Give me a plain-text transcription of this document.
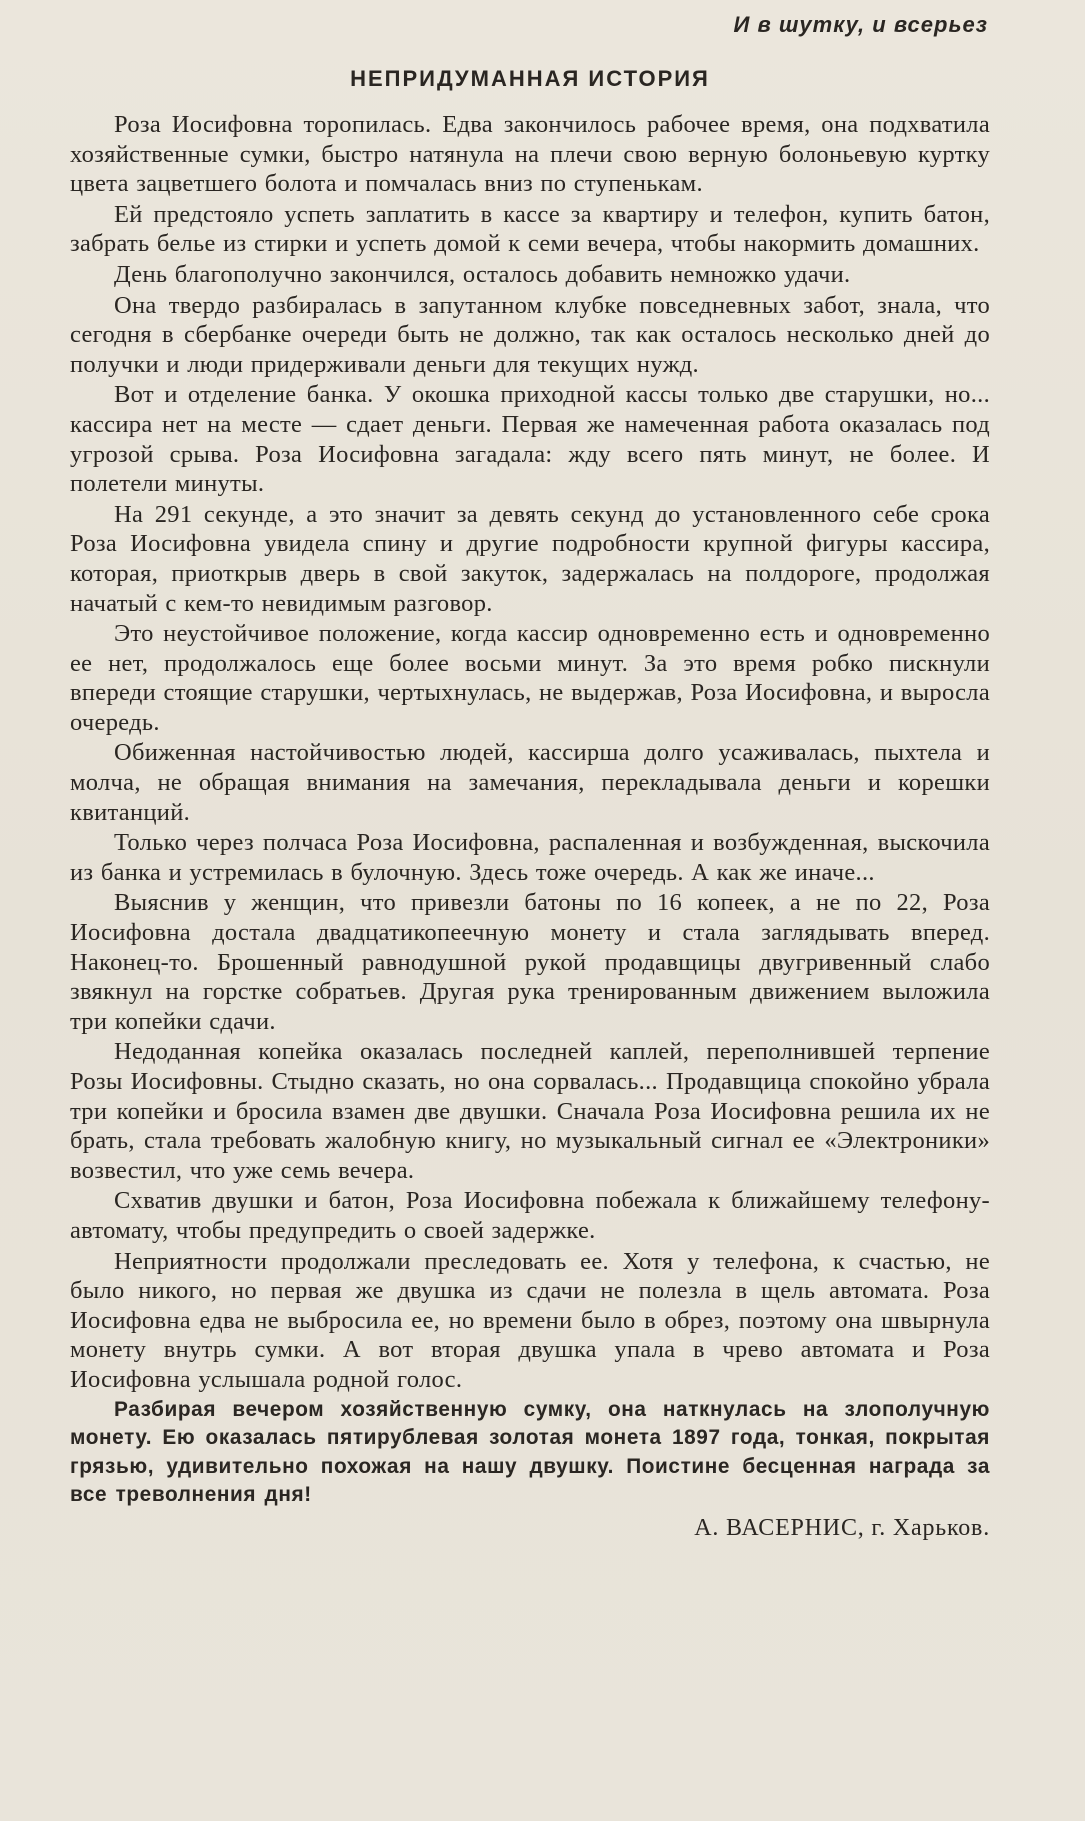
И в шутку, и всерьез

НЕПРИДУМАННАЯ ИСТОРИЯ

Роза Иосифовна торопилась. Едва закончилось рабочее время, она подхватила хозяйственные сумки, быстро натянула на плечи свою верную болоньевую куртку цвета зацветшего болота и помчалась вниз по ступенькам.

Ей предстояло успеть заплатить в кассе за квартиру и телефон, купить батон, забрать белье из стирки и успеть домой к семи вечера, чтобы накормить домашних.

День благополучно закончился, осталось добавить немножко удачи.

Она твердо разбиралась в запутанном клубке повседневных забот, знала, что сегодня в сбербанке очереди быть не должно, так как осталось несколько дней до получки и люди придерживали деньги для текущих нужд.

Вот и отделение банка. У окошка приходной кассы только две старушки, но... кассира нет на месте — сдает деньги. Первая же намеченная работа оказалась под угрозой срыва. Роза Иосифовна загадала: жду всего пять минут, не более. И полетели минуты.

На 291 секунде, а это значит за девять секунд до установленного себе срока Роза Иосифовна увидела спину и другие подробности крупной фигуры кассира, которая, приоткрыв дверь в свой закуток, задержалась на полдороге, продолжая начатый с кем-то невидимым разговор.

Это неустойчивое положение, когда кассир одновременно есть и одновременно ее нет, продолжалось еще более восьми минут. За это время робко пискнули впереди стоящие старушки, чертыхнулась, не выдержав, Роза Иосифовна, и выросла очередь.

Обиженная настойчивостью людей, кассирша долго усаживалась, пыхтела и молча, не обращая внимания на замечания, перекладывала деньги и корешки квитанций.

Только через полчаса Роза Иосифовна, распаленная и возбужденная, выскочила из банка и устремилась в булочную. Здесь тоже очередь. А как же иначе...

Выяснив у женщин, что привезли батоны по 16 копеек, а не по 22, Роза Иосифовна достала двадцатикопеечную монету и стала заглядывать вперед. Наконец-то. Брошенный равнодушной рукой продавщицы двугривенный слабо звякнул на горстке собратьев. Другая рука тренированным движением выложила три копейки сдачи.

Недоданная копейка оказалась последней каплей, переполнившей терпение Розы Иосифовны. Стыдно сказать, но она сорвалась... Продавщица спокойно убрала три копейки и бросила взамен две двушки. Сначала Роза Иосифовна решила их не брать, стала требовать жалобную книгу, но музыкальный сигнал ее «Электроники» возвестил, что уже семь вечера.

Схватив двушки и батон, Роза Иосифовна побежала к ближайшему телефону-автомату, чтобы предупредить о своей задержке.

Неприятности продолжали преследовать ее. Хотя у телефона, к счастью, не было никого, но первая же двушка из сдачи не полезла в щель автомата. Роза Иосифовна едва не выбросила ее, но времени было в обрез, поэтому она швырнула монету внутрь сумки. А вот вторая двушка упала в чрево автомата и Роза Иосифовна услышала родной голос.

Разбирая вечером хозяйственную сумку, она наткнулась на злополучную монету. Ею оказалась пятирублевая золотая монета 1897 года, тонкая, покрытая грязью, удивительно похожая на нашу двушку. Поистине бесценная награда за все треволнения дня!

А. ВАСЕРНИС, г. Харьков.
